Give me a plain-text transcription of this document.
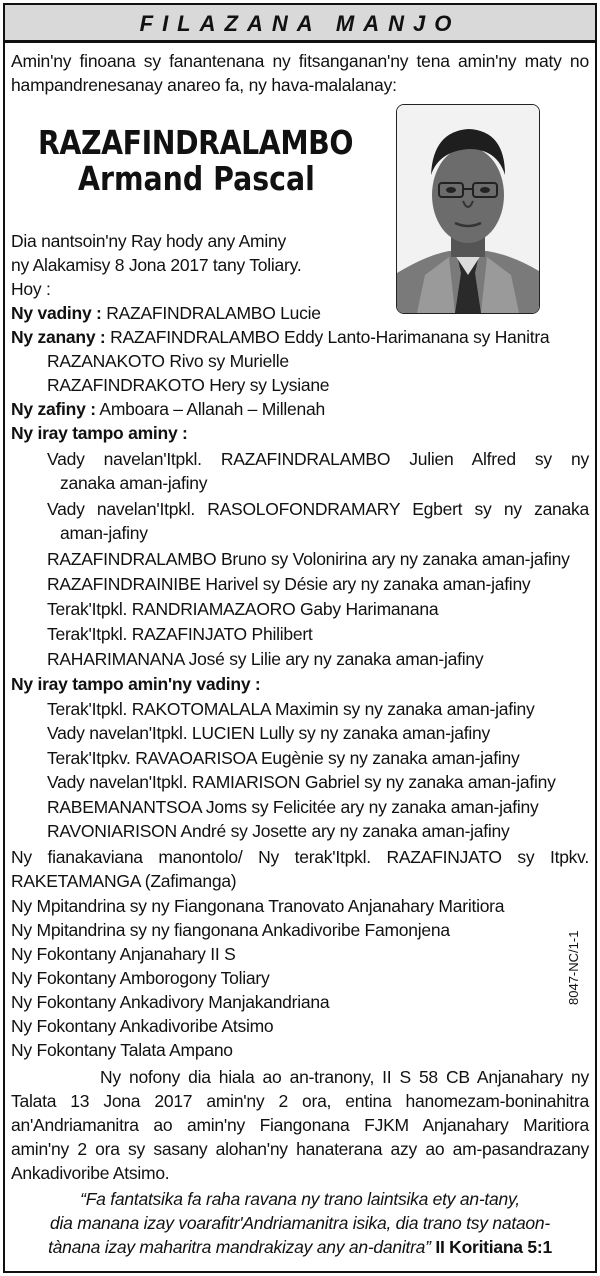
FILAZANA MANJO
Amin'ny finoana sy fanantenana ny fitsanganan'ny tena amin'ny maty no hampandrenesanay anareo fa, ny hava-malalanay:
RAZAFINDRALAMBO
Armand Pascal
Dia nantsoin'ny Ray hody any Aminy
ny Alakamisy 8 Jona 2017 tany Toliary.
Hoy :
Ny vadiny : RAZAFINDRALAMBO Lucie
Ny zanany : RAZAFINDRALAMBO Eddy Lanto-Harimanana sy Hanitra
RAZANAKOTO Rivo sy Murielle
RAZAFINDRAKOTO Hery sy Lysiane
Ny zafiny : Amboara – Allanah – Millenah
Ny iray tampo aminy :
Vady navelan'Itpkl. RAZAFINDRALAMBO Julien Alfred sy ny
zanaka aman-jafiny
Vady navelan'Itpkl. RASOLOFONDRAMARY Egbert sy ny zanaka
aman-jafiny
RAZAFINDRALAMBO Bruno sy Volonirina ary ny zanaka aman-jafiny
RAZAFINDRAINIBE Harivel sy Désie ary ny zanaka aman-jafiny
Terak'Itpkl. RANDRIAMAZAORO Gaby Harimanana
Terak'Itpkl. RAZAFINJATO Philibert
RAHARIMANANA José sy Lilie ary ny zanaka aman-jafiny
Ny iray tampo amin'ny vadiny :
Terak'Itpkl. RAKOTOMALALA Maximin sy ny zanaka aman-jafiny
Vady navelan'Itpkl. LUCIEN Lully sy ny zanaka aman-jafiny
Terak'Itpkv. RAVAOARISOA Eugènie sy ny zanaka aman-jafiny
Vady navelan'Itpkl. RAMIARISON Gabriel sy ny zanaka aman-jafiny
RABEMANANTSOA Joms sy Felicitée ary ny zanaka aman-jafiny
RAVONIARISON André sy Josette ary ny zanaka aman-jafiny
Ny fianakaviana manontolo/ Ny terak'Itpkl. RAZAFINJATO sy Itpkv.
RAKETAMANGA (Zafimanga)
Ny Mpitandrina sy ny Fiangonana Tranovato Anjanahary Maritiora
Ny Mpitandrina sy ny fiangonana Ankadivoribe Famonjena
Ny Fokontany Anjanahary II S
Ny Fokontany Amborogony Toliary
Ny Fokontany Ankadivory Manjakandriana
Ny Fokontany Ankadivoribe Atsimo
Ny Fokontany Talata Ampano
8047-NC/1-1
Ny nofony dia hiala ao an-tranony, II S 58 CB Anjanahary ny
Talata 13 Jona 2017 amin'ny 2 ora, entina hanomezam-boninahitra
an'Andriamanitra ao amin'ny Fiangonana FJKM Anjanahary Maritiora
amin'ny 2 ora sy sasany alohan'ny hanaterana azy ao am-pasandrazany
Ankadivoribe Atsimo.
“Fa fantatsika fa raha ravana ny trano laintsika ety an-tany,
dia manana izay voarafitr'Andriamanitra isika, dia trano tsy nataon-
tànana izay maharitra mandrakizay any an-danitra” II Koritiana 5:1
